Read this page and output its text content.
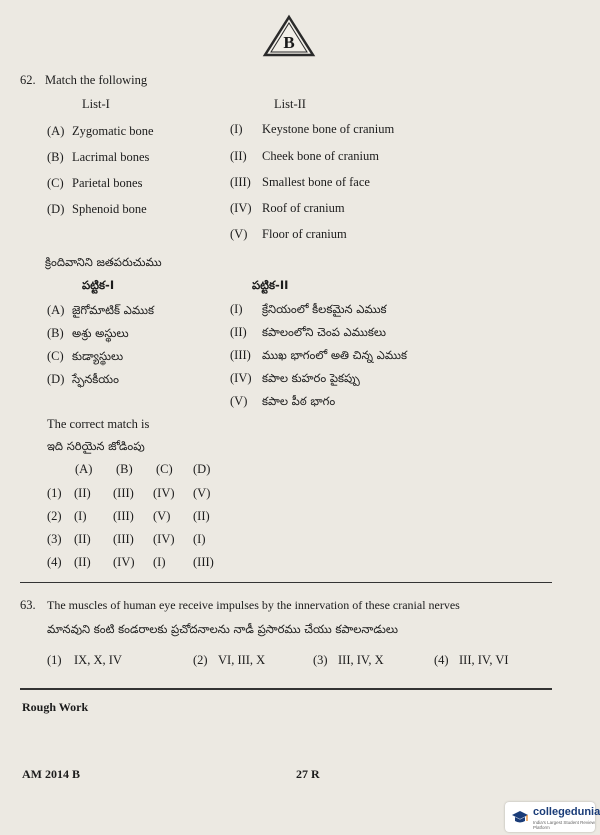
B
62. Match the following
List-I	List-II
(A) Zygomatic bone
(B) Lacrimal bones
(C) Parietal bones
(D) Sphenoid bone
(I) Keystone bone of cranium
(II) Cheek bone of cranium
(III) Smallest bone of face
(IV) Roof of cranium
(V) Floor of cranium
క్రిందివానిని జతపరుచుము
పట్టిక-I	పట్టిక-II
(A) జైగోమాటిక్ ఎముక
(B) అశ్రు అస్థులు
(C) కుడ్యాస్థులు
(D) స్ఫేనకీయం
(I) క్రేనియంలో కీలకమైన ఎముక
(II) కపాలంలోని చెంప ఎముకలు
(III) ముఖ భాగంలో అతి చిన్న ఎముక
(IV) కపాల కుహరం పైకప్పు
(V) కపాల పీఠ భాగం
The correct match is
ఇది సరియైన జోడింపు
(A) (B) (C) (D)
(1) (II) (III) (IV) (V)
(2) (I) (III) (V) (II)
(3) (II) (III) (IV) (I)
(4) (II) (IV) (I) (III)
63. The muscles of human eye receive impulses by the innervation of these cranial nerves
మానవుని కంటి కండరాలకు ప్రచోదనాలను నాడీ ప్రసారము చేయు కపాలనాడులు
(1) IX, X, IV	(2) VI, III, X	(3) III, IV, X	(4) III, IV, VI
Rough Work
AM 2014 B	27 R
collegedunia
India's Largest Student Review Platform
